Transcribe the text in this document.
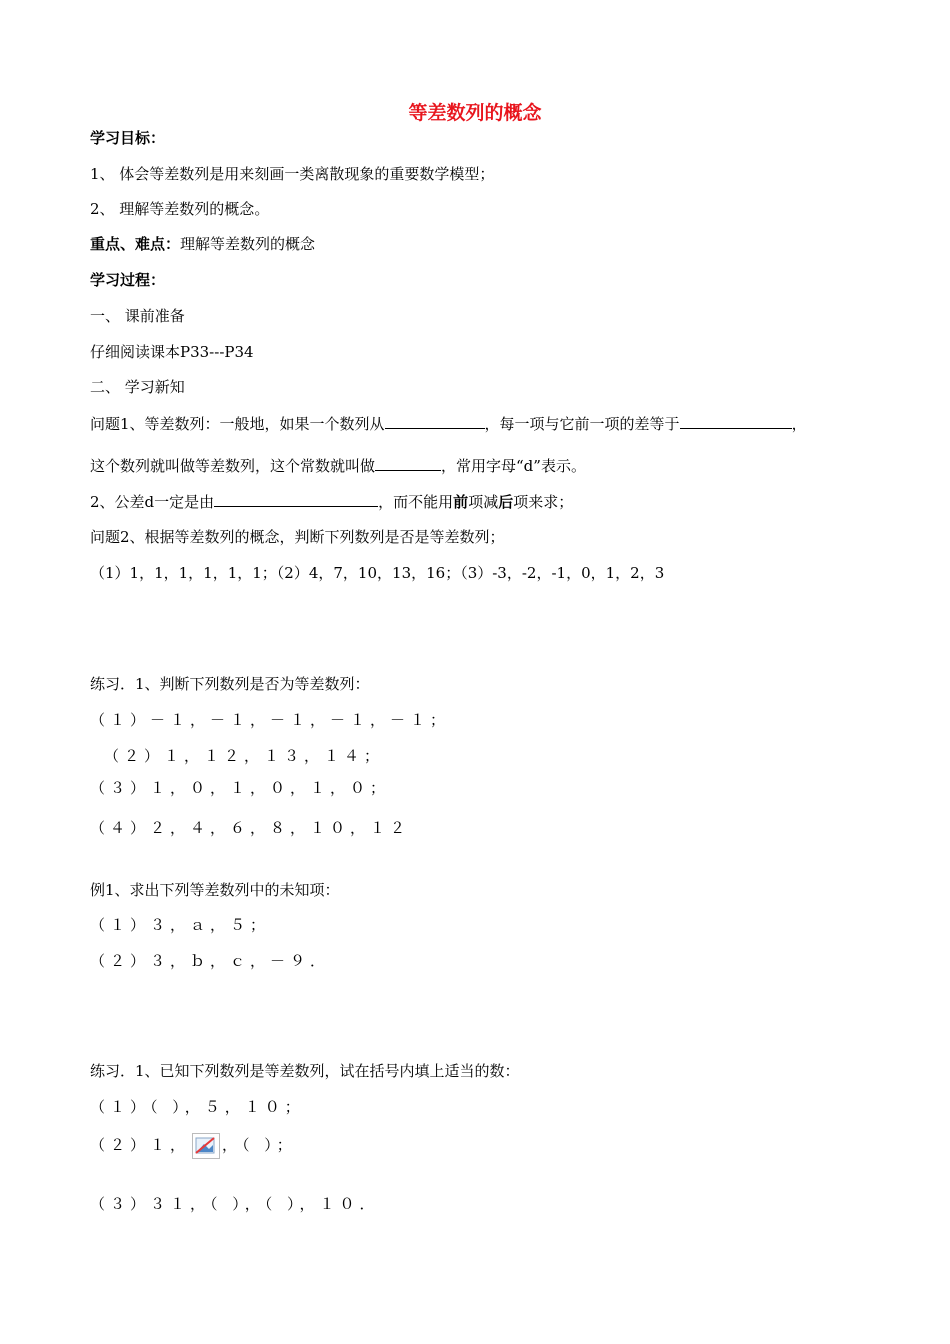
等差数列的概念
学习目标：
1、 体会等差数列是用来刻画一类离散现象的重要数学模型；
2、 理解等差数列的概念。
重点、难点：理解等差数列的概念
学习过程：
一、 课前准备
仔细阅读课本P33---P34
二、 学习新知
问题1、等差数列：一般地，如果一个数列从	，每一项与它前一项的差等于	，
这个数列就叫做等差数列，这个常数就叫做	，常用字母“d”表示。
2、公差d一定是由	，而不能用前项减后项来求；
问题2、根据等差数列的概念，判断下列数列是否是等差数列；
（1）1，1，1，1，1，1；（2）4，7，10，13，16；（3）-3，-2，-1，0，1，2，3
练习．1、判断下列数列是否为等差数列：
（１）－１，－１，－１，－１，－１；
（２）１，１２，１３，１４；
（３）１，０，１，０，１，０；
（４）２，４，６，８，１０，１２
例1、求出下列等差数列中的未知项：
（１）３，ａ，５；
（２）３，ｂ，ｃ，－９．
练习．1、已知下列数列是等差数列，试在括号内填上适当的数：
（１）（ ），５，１０；
（２）１， ，（ ）；
（３）３１，（ ），（ ），１０．
